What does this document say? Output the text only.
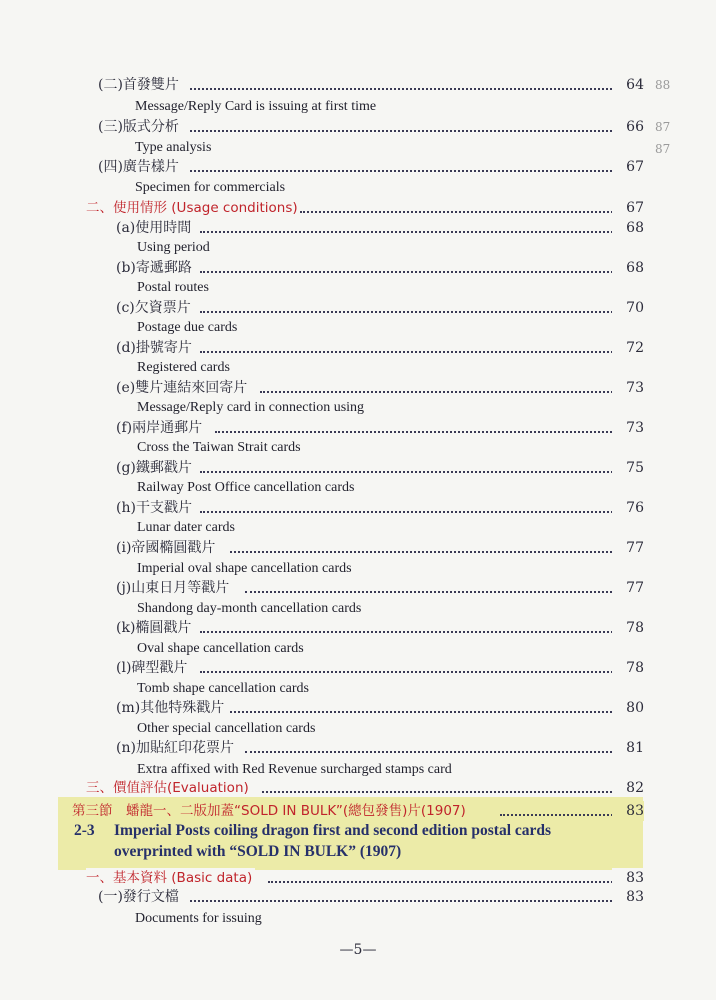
(二)首發雙片	64
Message/Reply Card is issuing at first time
(三)版式分析	66
Type analysis
(四)廣告樣片	67
Specimen for commercials
二、使用情形 (Usage conditions)	67
(a)使用時間	68
Using period
(b)寄遞郵路	68
Postal routes
(c)欠資票片	70
Postage due cards
(d)掛號寄片	72
Registered cards
(e)雙片連結來回寄片	73
Message/Reply card in connection using
(f)兩岸通郵片	73
Cross the Taiwan Strait cards
(g)鐵郵戳片	75
Railway Post Office cancellation cards
(h)干支戳片	76
Lunar dater cards
(i)帝國橢圓戳片	77
Imperial oval shape cancellation cards
(j)山東日月等戳片	77
Shandong day-month cancellation cards
(k)橢圓戳片	78
Oval shape cancellation cards
(l)碑型戳片	78
Tomb shape cancellation cards
(m)其他特殊戳片	80
Other special cancellation cards
(n)加貼紅印花票片	81
Extra affixed with Red Revenue surcharged stamps card
三、價值評估(Evaluation)	82
第三節　蟠龍一、二版加蓋“SOLD IN BULK”(總包發售)片(1907)	83
2-3 Imperial Posts coiling dragon first and second edition postal cards
overprinted with “SOLD IN BULK” (1907)
一、基本資料 (Basic data)	83
(一)發行文檔	83
Documents for issuing
88
87
87
—5—
